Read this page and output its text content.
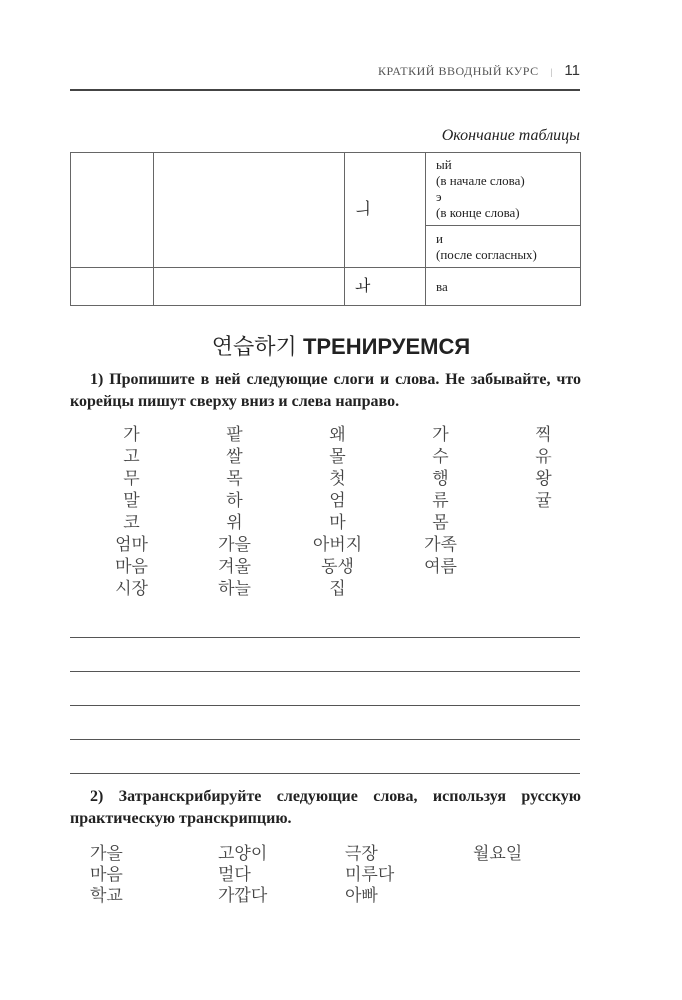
КРАТКИЙ ВВОДНЫЙ КУРС | 11
Окончание таблицы
		ㅢ	ый
(в начале слова)
э
(в конце слова)
			и
(после согласных)
		ㅘ	ва
연습하기 ТРЕНИРУЕМСЯ
1) Пропишите в ней следующие слоги и слова. Не забывайте, что корейцы пишут сверху вниз и слева направо.
가	팥	왜	가	찍
고	쌀	몰	수	유
무	목	첫	행	왕
말	하	엄	류	귤
코	위	마	몸

엄마	가을	아버지	가족

마음	겨울	동생	여름

시장	하늘	집

2) Затранскрибируйте следующие слова, используя русскую практическую транскрипцию.
가을	고양이	극장	월요일
마음	멀다	미루다

학교	가깝다	아빠
